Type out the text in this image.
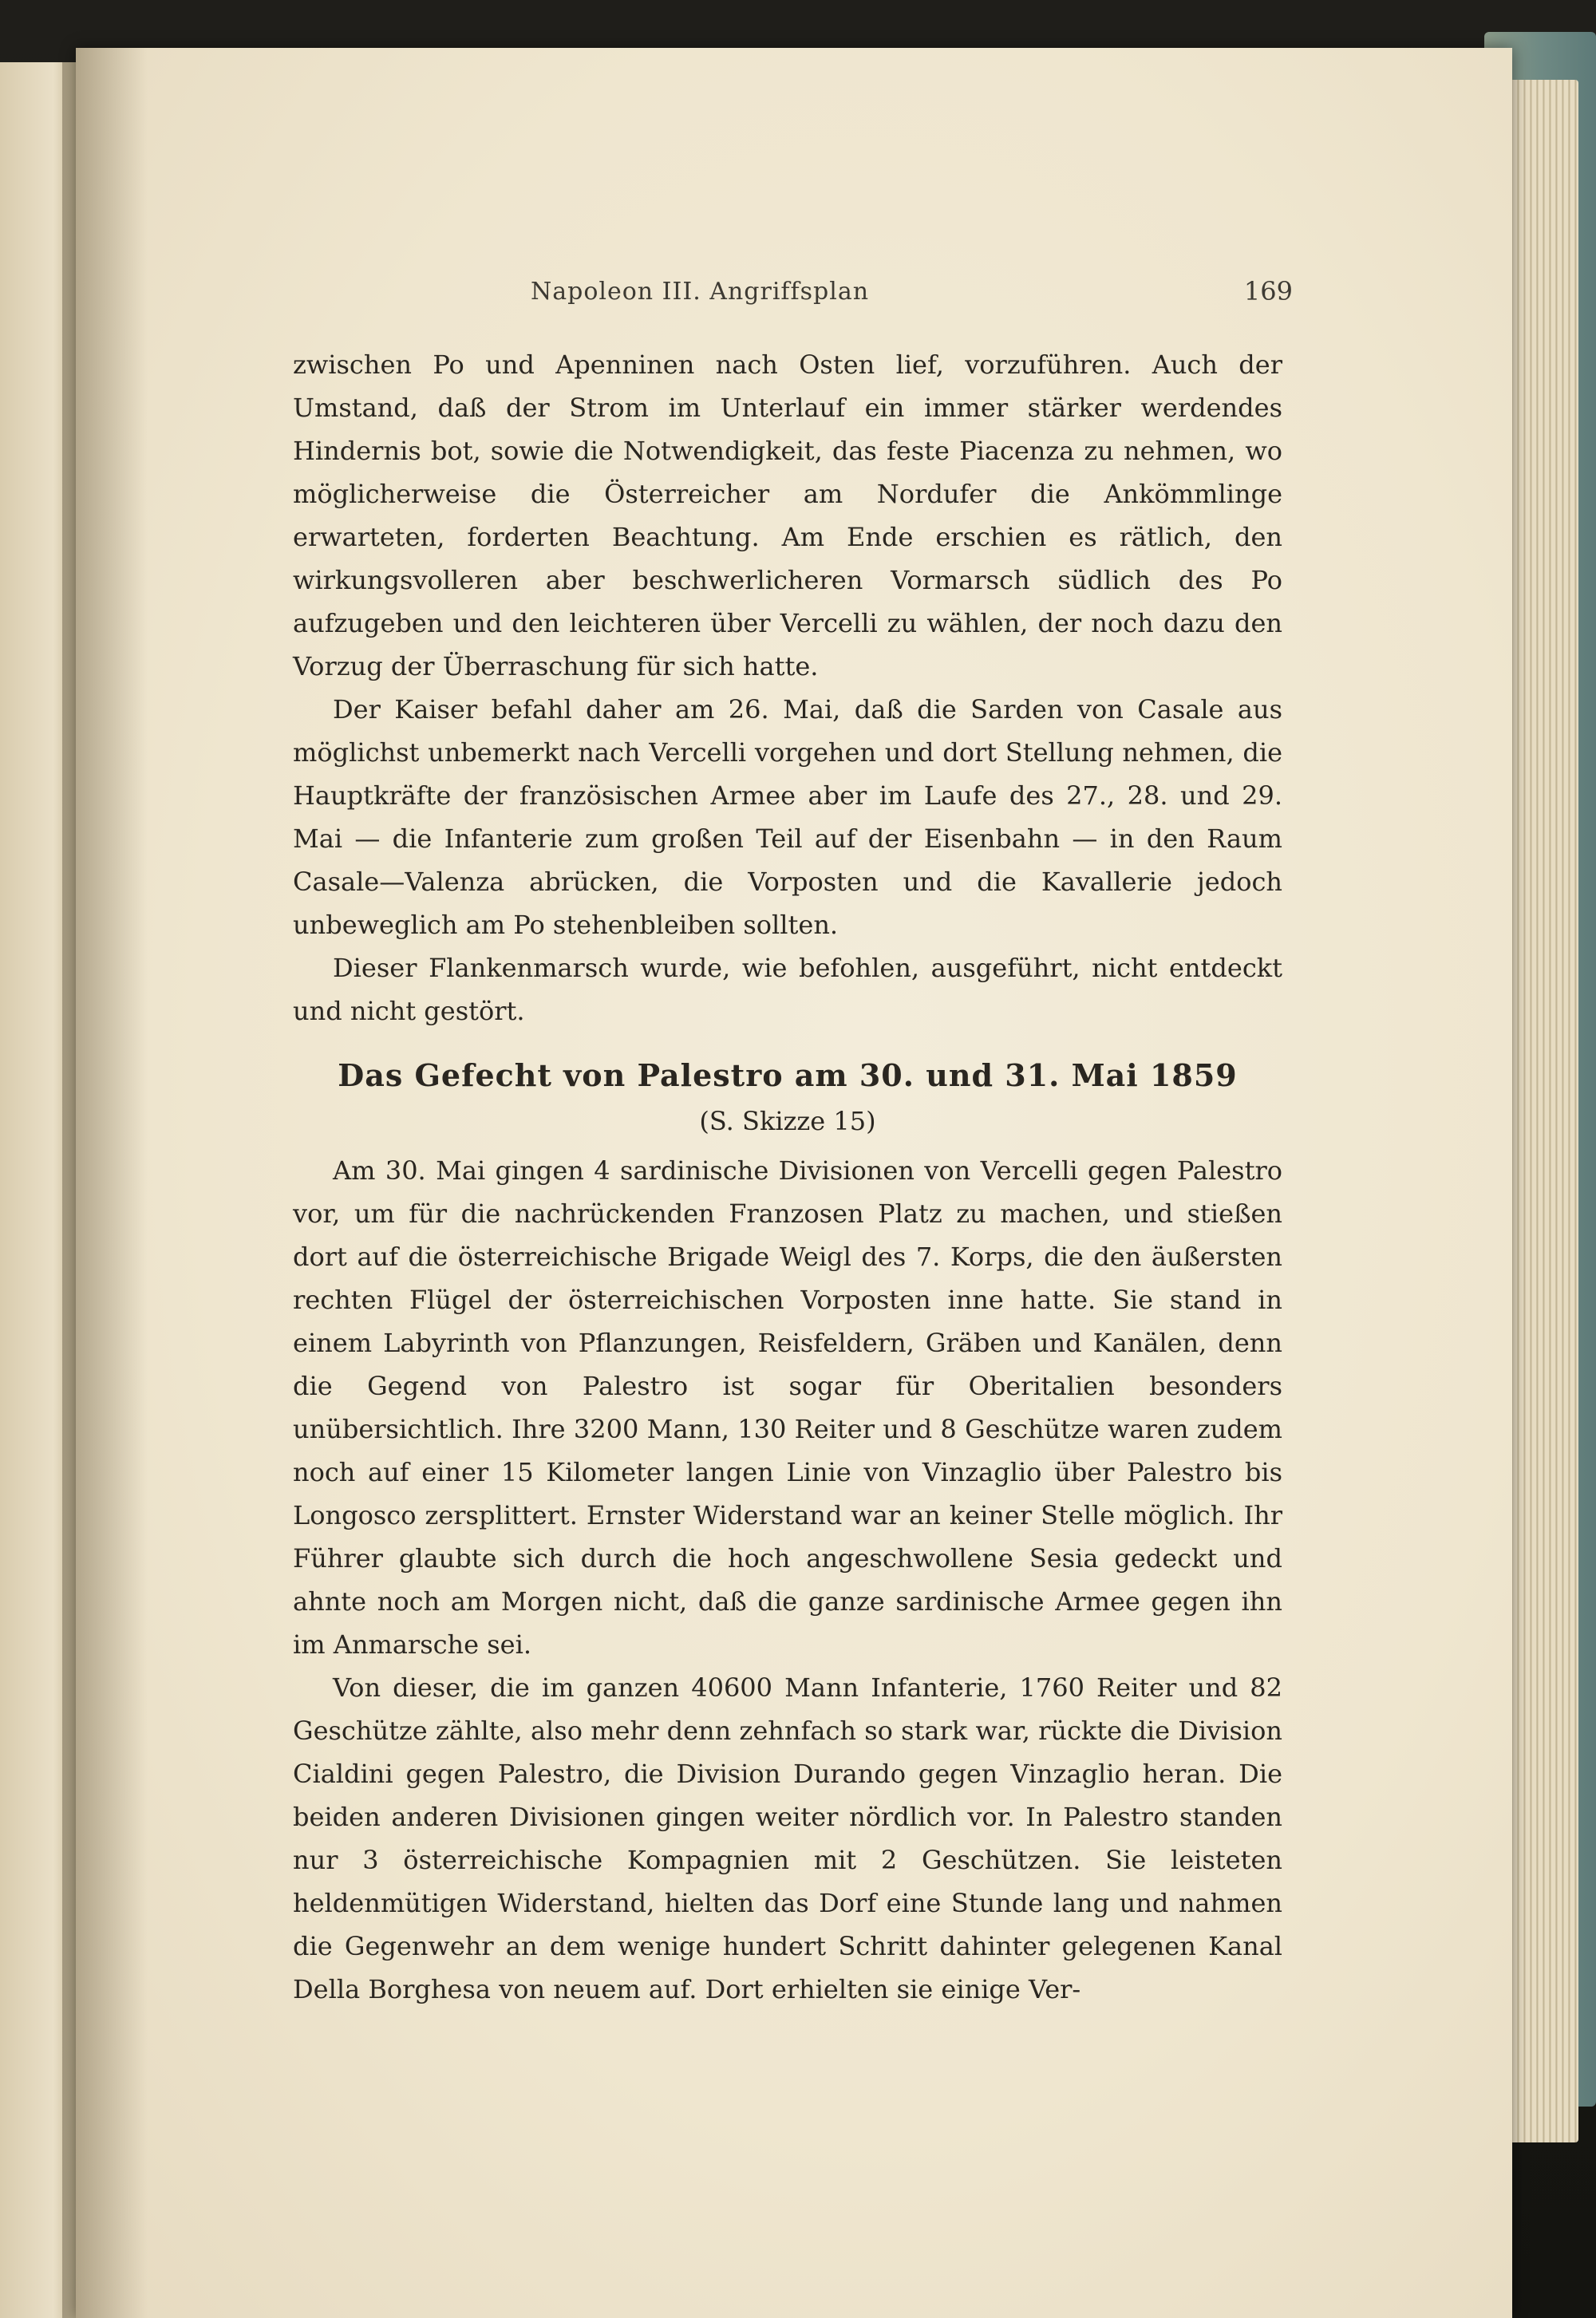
Napoleon III. Angriffsplan	169

zwischen Po und Apenninen nach Osten lief, vorzuführen. Auch der Umstand, daß der Strom im Unterlauf ein immer stärker werdendes Hindernis bot, sowie die Notwendigkeit, das feste Piacenza zu nehmen, wo möglicherweise die Österreicher am Nordufer die Ankömmlinge erwarteten, forderten Beachtung. Am Ende erschien es rätlich, den wirkungsvolleren aber beschwerlicheren Vormarsch südlich des Po aufzugeben und den leichteren über Vercelli zu wählen, der noch dazu den Vorzug der Überraschung für sich hatte.

Der Kaiser befahl daher am 26. Mai, daß die Sarden von Casale aus möglichst unbemerkt nach Vercelli vorgehen und dort Stellung nehmen, die Hauptkräfte der französischen Armee aber im Laufe des 27., 28. und 29. Mai — die Infanterie zum großen Teil auf der Eisenbahn — in den Raum Casale—Valenza abrücken, die Vorposten und die Kavallerie jedoch unbeweglich am Po stehenbleiben sollten.

Dieser Flankenmarsch wurde, wie befohlen, ausgeführt, nicht entdeckt und nicht gestört.

Das Gefecht von Palestro am 30. und 31. Mai 1859
(S. Skizze 15)

Am 30. Mai gingen 4 sardinische Divisionen von Vercelli gegen Palestro vor, um für die nachrückenden Franzosen Platz zu machen, und stießen dort auf die österreichische Brigade Weigl des 7. Korps, die den äußersten rechten Flügel der österreichischen Vorposten inne hatte. Sie stand in einem Labyrinth von Pflanzungen, Reisfeldern, Gräben und Kanälen, denn die Gegend von Palestro ist sogar für Oberitalien besonders unübersichtlich. Ihre 3200 Mann, 130 Reiter und 8 Geschütze waren zudem noch auf einer 15 Kilometer langen Linie von Vinzaglio über Palestro bis Longosco zersplittert. Ernster Widerstand war an keiner Stelle möglich. Ihr Führer glaubte sich durch die hoch angeschwollene Sesia gedeckt und ahnte noch am Morgen nicht, daß die ganze sardinische Armee gegen ihn im Anmarsche sei.

Von dieser, die im ganzen 40600 Mann Infanterie, 1760 Reiter und 82 Geschütze zählte, also mehr denn zehnfach so stark war, rückte die Division Cialdini gegen Palestro, die Division Durando gegen Vinzaglio heran. Die beiden anderen Divisionen gingen weiter nördlich vor. In Palestro standen nur 3 österreichische Kompagnien mit 2 Geschützen. Sie leisteten heldenmütigen Widerstand, hielten das Dorf eine Stunde lang und nahmen die Gegenwehr an dem wenige hundert Schritt dahinter gelegenen Kanal Della Borghesa von neuem auf. Dort erhielten sie einige Ver-
